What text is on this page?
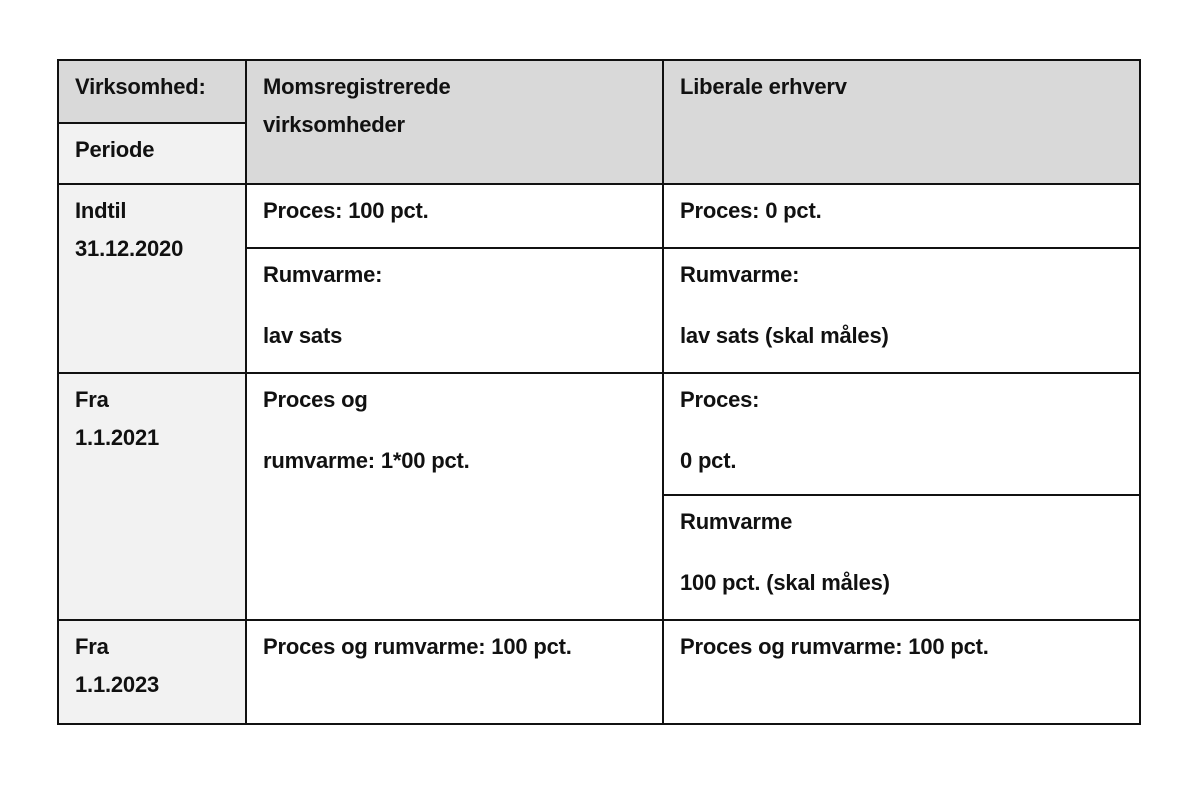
Virksomhed:
Periode
Momsregistrerede
virksomheder
Liberale erhverv
Indtil
31.12.2020
Proces: 100 pct.
Rumvarme:
lav sats
Proces: 0 pct.
Rumvarme:
lav sats (skal måles)
Fra
1.1.2021
Proces og
rumvarme: 1*00 pct.
Proces:
0 pct.
Rumvarme
100 pct. (skal måles)
Fra
1.1.2023
Proces og rumvarme: 100 pct.	Proces og rumvarme: 100 pct.
